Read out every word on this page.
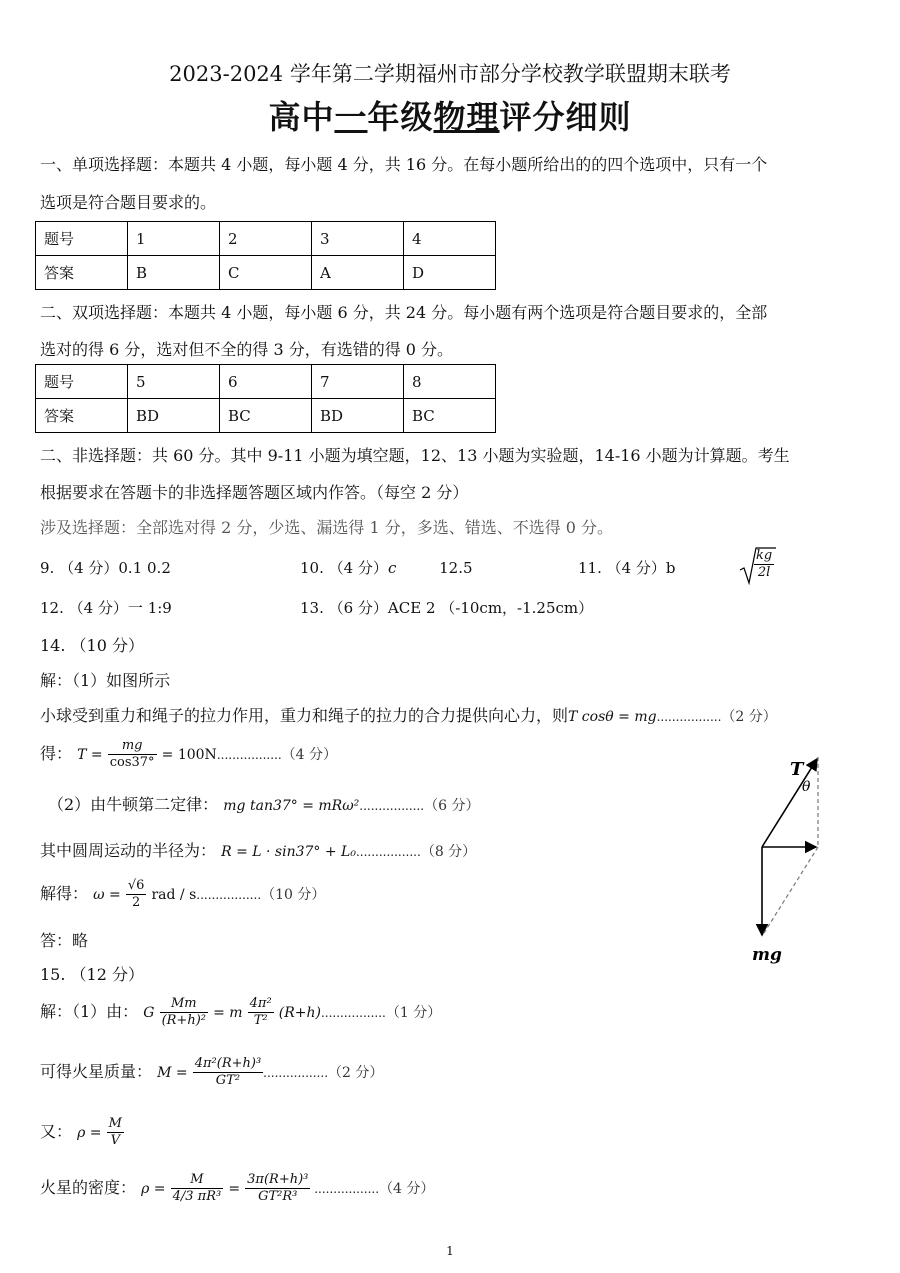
2023-2024 学年第二学期福州市部分学校教学联盟期末联考
高中一年级物理评分细则
一、单项选择题：本题共 4 小题，每小题 4 分，共 16 分。在每小题所给出的的四个选项中，只有一个
选项是符合题目要求的。
题号	1	2	3	4
答案	B	C	A	D
二、双项选择题：本题共 4 小题，每小题 6 分，共 24 分。每小题有两个选项是符合题目要求的，全部
选对的得 6 分，选对但不全的得 3 分，有选错的得 0 分。
题号	5	6	7	8
答案	BD	BC	BD	BC
二、非选择题：共 60 分。其中 9-11 小题为填空题，12、13 小题为实验题，14-16 小题为计算题。考生
根据要求在答题卡的非选择题答题区域内作答。（每空 2 分）
涉及选择题：全部选对得 2 分，少选、漏选得 1 分，多选、错选、不选得 0 分。
9. （4 分）0.1 0.2	10. （4 分）c	12.5	11. （4 分）b	$\frac{kg}{2l}$
12. （4 分）一 1:9	13. （6 分）ACE 2 （-10cm，-1.25cm）
14. （10 分）
解：（1）如图所示
小球受到重力和绳子的拉力作用，重力和绳子的拉力的合力提供向心力，则T cosθ = mg.................（2 分）
得： $T = \frac{mg}{\cos 37^\circ} = 100N.................(4$ 分）
（2）由牛顿第二定律： mg tan37° = mRω².................（6 分）
其中圆周运动的半径为： R = L · sin37° + L₀.................（8 分）
解得： $\omega = \frac{√6}{2}$ rad / s.................（10 分）
答：略
T
θ
mg
15. （12 分）
解：（1）由： G $\frac{Mm}{\text{(R+h)²}} = m \frac{\text{4π²}}{\text{T²}} (R+h).................(1$ 分）
可得火星质量： $M = \frac{\text{4π²(R+h)³}}{\text{GT²}} .................(2$ 分）
又： $\rho = \frac{M}{V}$
火星的密度： $\rho = \frac{M}{\text{4/3 πR³}} = \frac{\text{3π(R+h)³}}{\text{GT²R³}} .................(4$ 分）
1
